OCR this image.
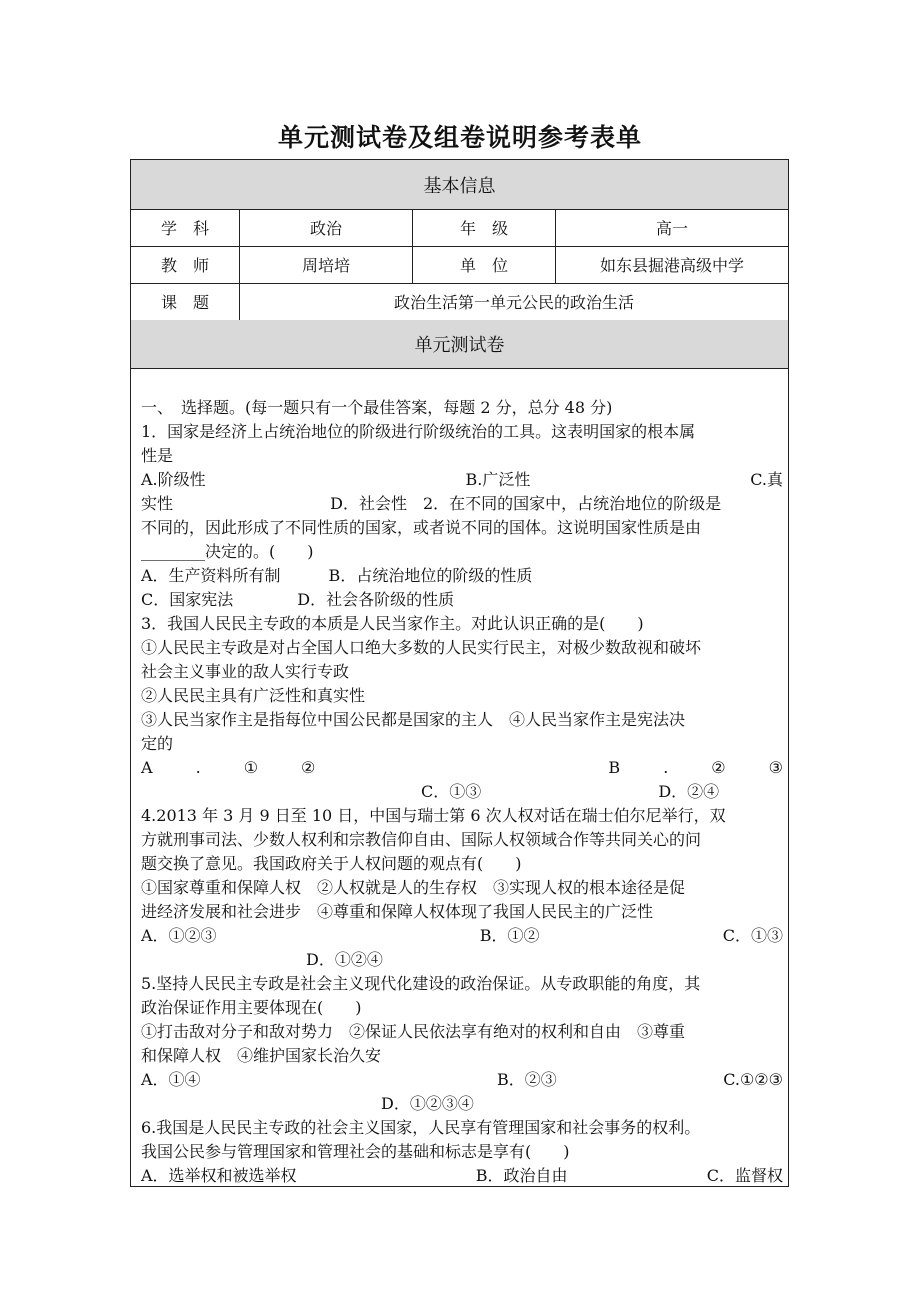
单元测试卷及组卷说明参考表单
基本信息
学　科	政治	年　级	高一
教　师	周培培	单　位	如东县掘港高级中学
课　题	政治生活第一单元公民的政治生活
单元测试卷
一、　选择题。(每一题只有一个最佳答案，每题 2 分，总分 48 分)
1．国家是经济上占统治地位的阶级进行阶级统治的工具。这表明国家的根本属
性是
A.阶级性	B.广泛性	C.真
实性	D．社会性　2．在不同的国家中，占统治地位的阶级是
不同的，因此形成了不同性质的国家，或者说不同的国体。这说明国家性质是由
________决定的。(　　)
A．生产资料所有制　　　B．占统治地位的阶级的性质
C．国家宪法　　　　D．社会各阶级的性质
3．我国人民民主专政的本质是人民当家作主。对此认识正确的是(　　)
①人民民主专政是对占全国人口绝大多数的人民实行民主，对极少数敌视和破坏
社会主义事业的敌人实行专政
②人民民主具有广泛性和真实性
③人民当家作主是指每位中国公民都是国家的主人　④人民当家作主是宪法决
定的
A	.	①	②	B	.	②	③
C．①③	D．②④
4.2013 年 3 月 9 日至 10 日，中国与瑞士第 6 次人权对话在瑞士伯尔尼举行，双
方就刑事司法、少数人权利和宗教信仰自由、国际人权领域合作等共同关心的问
题交换了意见。我国政府关于人权问题的观点有(　　)
①国家尊重和保障人权　②人权就是人的生存权　③实现人权的根本途径是促
进经济发展和社会进步　④尊重和保障人权体现了我国人民民主的广泛性
A．①②③	B．①②	C．①③
D．①②④
5.坚持人民民主专政是社会主义现代化建设的政治保证。从专政职能的角度，其
政治保证作用主要体现在(　　)
①打击敌对分子和敌对势力　②保证人民依法享有绝对的权利和自由　③尊重
和保障人权　④维护国家长治久安
A．①④	B．②③	C.①②③
D．①②③④
6.我国是人民民主专政的社会主义国家，人民享有管理国家和社会事务的权利。
我国公民参与管理国家和管理社会的基础和标志是享有(　　)
A．选举权和被选举权	B．政治自由	C．监督权
